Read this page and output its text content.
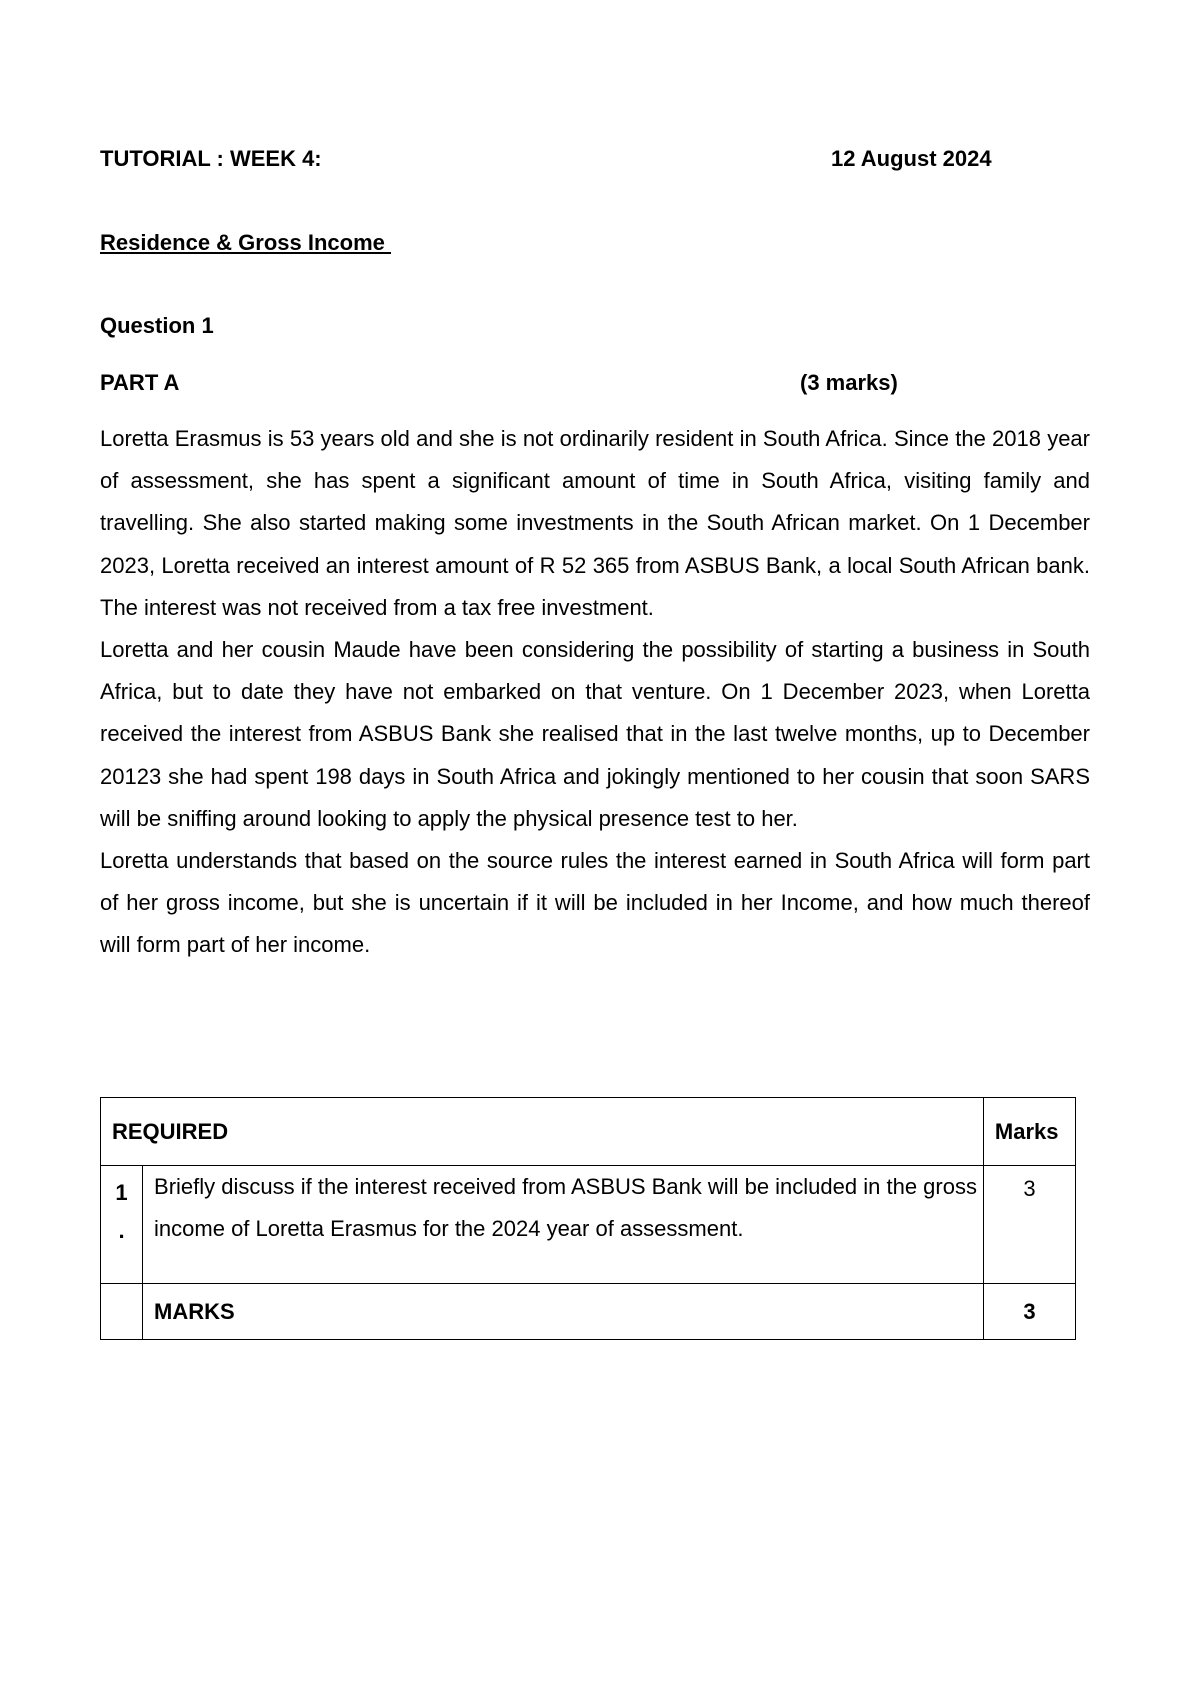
TUTORIAL : WEEK 4:	12 August 2024
Residence & Gross Income
Question 1
PART A	(3 marks)

Loretta Erasmus is 53 years old and she is not ordinarily resident in South Africa. Since the 2018 year of assessment, she has spent a significant amount of time in South Africa, visiting family and travelling. She also started making some investments in the South African market. On 1 December 2023, Loretta received an interest amount of R 52 365 from ASBUS Bank, a local South African bank. The interest was not received from a tax free investment.

Loretta and her cousin Maude have been considering the possibility of starting a business in South Africa, but to date they have not embarked on that venture. On 1 December 2023, when Loretta received the interest from ASBUS Bank she realised that in the last twelve months, up to December 20123 she had spent 198 days in South Africa and jokingly mentioned to her cousin that soon SARS will be sniffing around looking to apply the physical presence test to her.

Loretta understands that based on the source rules the interest earned in South Africa will form part of her gross income, but she is uncertain if it will be included in her Income, and how much thereof will form part of her income.

REQUIRED		Marks

1
.	Briefly discuss if the interest received from ASBUS Bank will be included in the gross income of Loretta Erasmus for the 2024 year of assessment.	3
	MARKS	3
